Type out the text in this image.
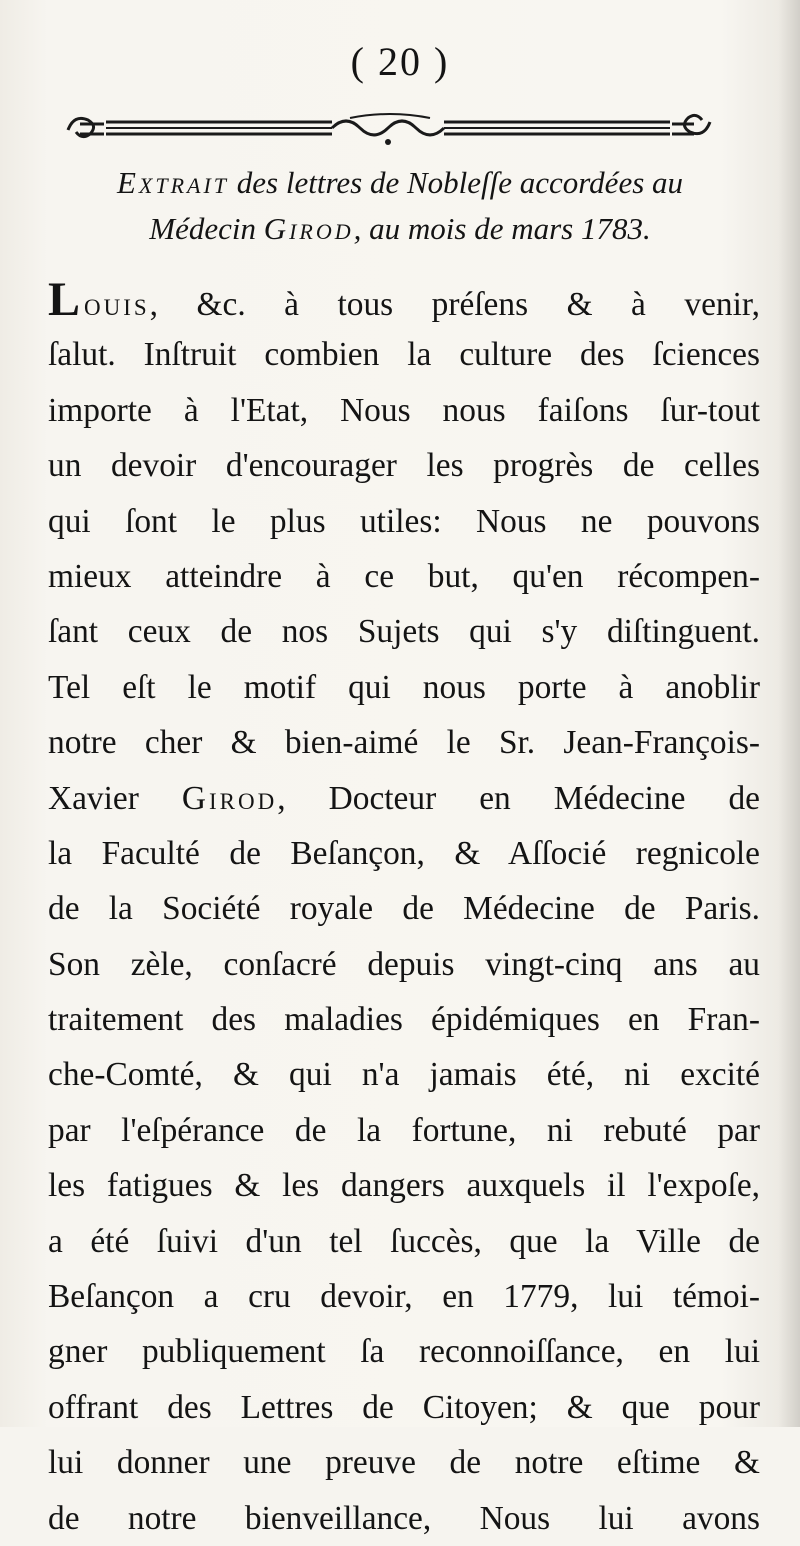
( 20 )
Extrait des lettres de Nobleſſe accordées au
Médecin Girod, au mois de mars 1783.
L ouis, &c. à tous préſens & à venir,
ſalut. Inſtruit combien la culture des ſciences
importe à l'Etat, Nous nous faiſons ſur-tout
un devoir d'encourager les progrès de celles
qui ſont le plus utiles: Nous ne pouvons
mieux atteindre à ce but, qu'en récompen-
ſant ceux de nos Sujets qui s'y diſtinguent.
Tel eſt le motif qui nous porte à anoblir
notre cher & bien-aimé le Sr. Jean-François-
Xavier Girod, Docteur en Médecine de
la Faculté de Beſançon, & Aſſocié regnicole
de la Société royale de Médecine de Paris.
Son zèle, conſacré depuis vingt-cinq ans au
traitement des maladies épidémiques en Fran-
che-Comté, & qui n'a jamais été, ni excité
par l'eſpérance de la fortune, ni rebuté par
les fatigues & les dangers auxquels il l'expoſe,
a été ſuivi d'un tel ſuccès, que la Ville de
Beſançon a cru devoir, en 1779, lui témoi-
gner publiquement ſa reconnoiſſance, en lui
offrant des Lettres de Citoyen; & que pour
lui donner une preuve de notre eſtime &
de notre bienveillance, Nous lui avons
